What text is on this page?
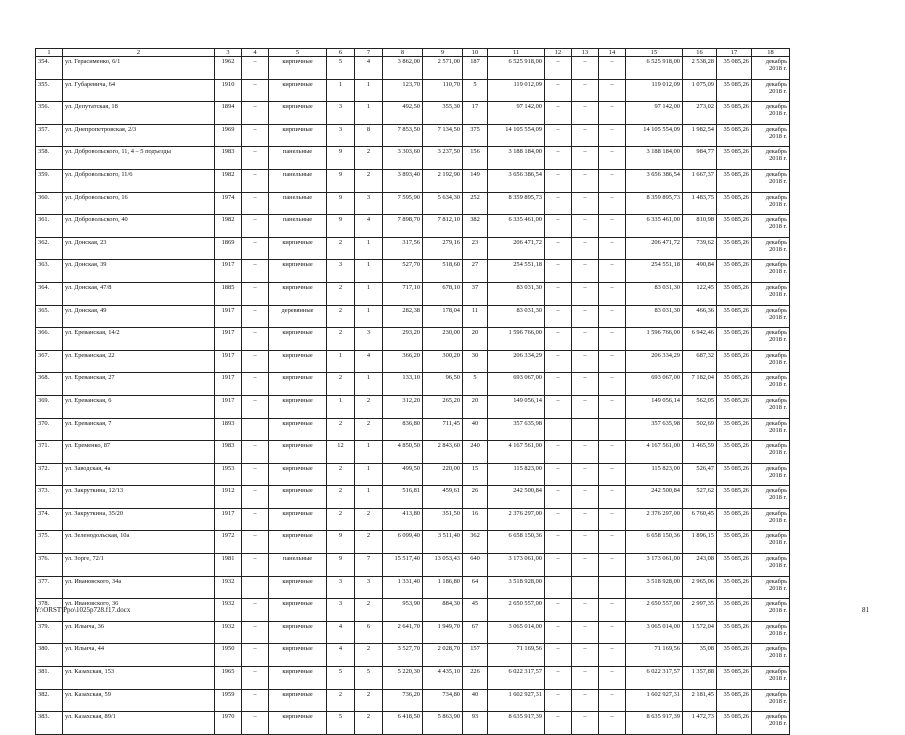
1	2	3	4	5	6	7	8	9	10	11	12	13	14	15	16	17	18
354.	ул. Герасименко, 6/1	1962	–	кирпичные	5	4	3 862,00	2 571,00	187	6 525 918,00	–	–	–	6 525 918,00	2 538,28	35 085,26	декабрь 2018 г.
355.	ул. Губаревича, 64	1910	–	кирпичные	1	1	123,70	110,70	5	119 012,09	–	–	–	119 012,09	1 075,09	35 085,26	декабрь 2018 г.
356.	ул. Депутатская, 18	1894	–	кирпичные	3	1	492,50	355,30	17	97 142,00	–	–	–	97 142,00	273,02	35 085,26	декабрь 2018 г.
357.	ул. Днепропетровская, 2/3	1969	–	кирпичные	3	8	7 853,50	7 134,50	375	14 105 554,09	–	–	–	14 105 554,09	1 982,54	35 085,26	декабрь 2018 г.
358.	ул. Добровольского, 11, 4 – 5 подъезды	1983	–	панельные	9	2	3 303,60	3 237,50	156	3 188 184,00	–	–	–	3 188 184,00	984,77	35 085,26	декабрь 2018 г.
359.	ул. Добровольского, 11/6	1982	–	панельные	9	2	3 893,40	2 192,90	149	3 656 386,54	–	–	–	3 656 386,54	1 667,37	35 085,26	декабрь 2018 г.
360.	ул. Добровольского, 16	1974	–	панельные	9	3	7 595,90	5 634,30	252	8 359 895,73	–	–	–	8 359 895,73	1 483,75	35 085,26	декабрь 2018 г.
361.	ул. Добровольского, 40	1982	–	панельные	9	4	7 898,70	7 812,10	382	6 335 461,00	–	–	–	6 335 461,00	810,98	35 085,26	декабрь 2018 г.
362.	ул. Донская, 23	1869	–	кирпичные	2	1	317,56	279,16	23	206 471,72	–	–	–	206 471,72	739,62	35 085,26	декабрь 2018 г.
363.	ул. Донская, 39	1917	–	кирпичные	3	1	527,70	518,60	27	254 551,18	–	–	–	254 551,18	490,84	35 085,26	декабрь 2018 г.
364.	ул. Донская, 47/8	1885	–	кирпичные	2	1	717,10	678,10	37	83 031,30	–	–	–	83 031,30	122,45	35 085,26	декабрь 2018 г.
365.	ул. Донская, 49	1917	–	деревянные	2	1	282,38	178,04	11	83 031,30	–	–	–	83 031,30	466,36	35 085,26	декабрь 2018 г.
366.	ул. Ереванская, 14/2	1917	–	кирпичные	2	3	293,20	230,00	20	1 596 766,00	–	–	–	1 596 766,00	6 942,46	35 085,26	декабрь 2018 г.
367.	ул. Ереванская, 22	1917	–	кирпичные	1	4	366,20	300,20	30	206 334,29	–	–	–	206 334,29	687,32	35 085,26	декабрь 2018 г.
368.	ул. Ереванская, 27	1917	–	кирпичные	2	1	133,10	96,50	5	693 067,00	–	–	–	693 067,00	7 182,04	35 085,26	декабрь 2018 г.
369.	ул. Ереванская, 6	1917	–	кирпичные	1	2	312,20	265,20	20	149 056,14	–	–	–	149 056,14	562,05	35 085,26	декабрь 2018 г.
370.	ул. Ереванская, 7	1893		кирпичные	2	2	836,80	711,45	40	357 635,98				357 635,98	502,69	35 085,26	декабрь 2018 г.
371.	ул. Еременко, 87	1983	–	кирпичные	12	1	4 850,50	2 843,60	240	4 167 561,00	–	–	–	4 167 561,00	1 465,59	35 085,26	декабрь 2018 г.
372.	ул. Заводская, 4а	1953	–	кирпичные	2	1	499,50	220,00	15	115 823,00	–	–	–	115 823,00	526,47	35 085,26	декабрь 2018 г.
373.	ул. Закруткина, 12/13	1912	–	кирпичные	2	1	516,81	459,61	26	242 500,84	–	–	–	242 500,84	527,62	35 085,26	декабрь 2018 г.
374.	ул. Закруткина, 35/20	1917	–	кирпичные	2	2	413,80	351,50	16	2 376 297,00	–	–	–	2 376 297,00	6 760,45	35 085,26	декабрь 2018 г.
375.	ул. Зеленодольская, 10а	1972	–	кирпичные	9	2	6 099,40	3 511,40	362	6 658 150,36	–	–	–	6 658 150,36	1 896,15	35 085,26	декабрь 2018 г.
376.	ул. Зорге, 72/1	1981	–	панельные	9	7	15 517,40	13 053,43	640	3 173 061,00	–	–	–	3 173 061,00	243,08	35 085,26	декабрь 2018 г.
377.	ул. Ивановского, 34а	1932		кирпичные	3	3	1 331,40	1 186,80	64	3 518 928,00				3 518 928,00	2 965,06	35 085,26	декабрь 2018 г.
378.	ул. Ивановского, 36	1932	–	кирпичные	3	2	953,90	884,30	45	2 650 557,00	–	–	–	2 650 557,00	2 997,35	35 085,26	декабрь 2018 г.
379.	ул. Ильича, 36	1932	–	кирпичные	4	6	2 641,70	1 949,70	67	3 065 014,00	–	–	–	3 065 014,00	1 572,04	35 085,26	декабрь 2018 г.
380.	ул. Ильича, 44	1950	–	кирпичные	4	2	3 527,70	2 028,70	157	71 169,56	–	–	–	71 169,56	35,08	35 085,26	декабрь 2018 г.
381.	ул. Казахская, 153	1965	–	кирпичные	5	5	5 220,30	4 435,10	226	6 022 317,57	–	–	–	6 022 317,57	1 357,88	35 085,26	декабрь 2018 г.
382.	ул. Казахская, 59	1959	–	кирпичные	2	2	736,20	734,80	40	1 602 927,31	–	–	–	1 602 927,31	2 181,45	35 085,26	декабрь 2018 г.
383.	ул. Казахская, 89/1	1970	–	кирпичные	5	2	6 418,50	5 863,90	93	8 635 917,39	–	–	–	8 635 917,39	1 472,73	35 085,26	декабрь 2018 г.
Y:\ORST\Ppo\1025p728.f17.docx	81
